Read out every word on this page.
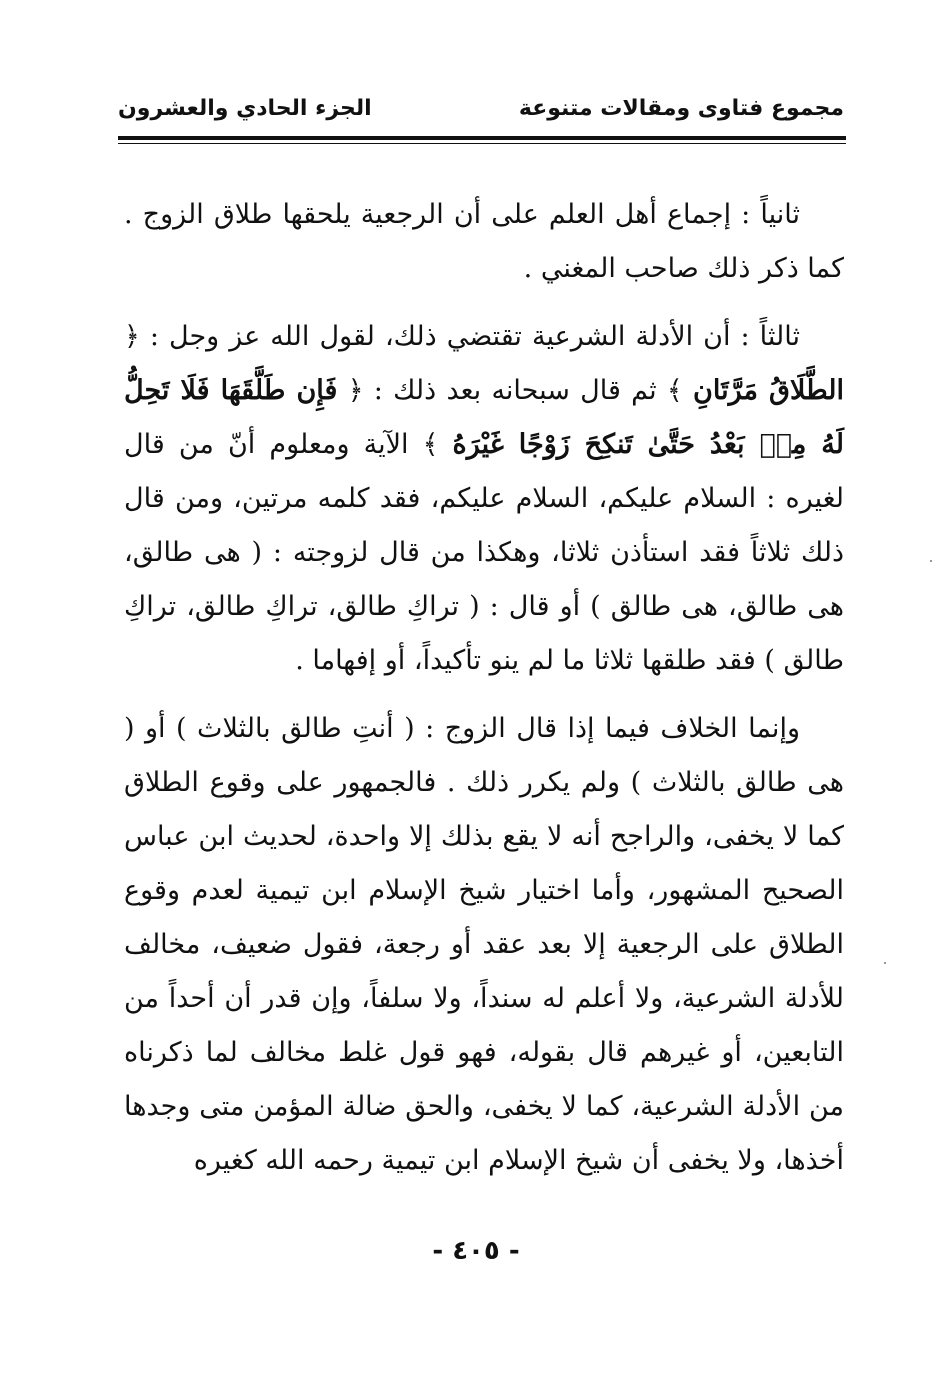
مجموع فتاوى ومقالات متنوعة
الجزء الحادي والعشرون

ثانياً : إجماع أهل العلم على أن الرجعية يلحقها طلاق الزوج . كما ذكر ذلك صاحب المغني .

ثالثاً : أن الأدلة الشرعية تقتضي ذلك، لقول الله عز وجل : ﴿ الطَّلَاقُ مَرَّتَانِ ﴾ ثم قال سبحانه بعد ذلك : ﴿ فَإِن طَلَّقَهَا فَلَا تَحِلُّ لَهُ مِنۢ بَعْدُ حَتَّىٰ تَنكِحَ زَوْجًا غَيْرَهُ ﴾ الآية ومعلوم أنّ من قال لغيره : السلام عليكم، السلام عليكم، فقد كلمه مرتين، ومن قال ذلك ثلاثاً فقد استأذن ثلاثا، وهكذا من قال لزوجته : ( هى طالق، هى طالق، هى طالق ) أو قال : ( تراكِ طالق، تراكِ طالق، تراكِ طالق ) فقد طلقها ثلاثا ما لم ينو تأكيداً، أو إفهاما .

وإنما الخلاف فيما إذا قال الزوج : ( أنتِ طالق بالثلاث ) أو ( هى طالق بالثلاث ) ولم يكرر ذلك . فالجمهور على وقوع الطلاق كما لا يخفى، والراجح أنه لا يقع بذلك إلا واحدة، لحديث ابن عباس الصحيح المشهور، وأما اختيار شيخ الإسلام ابن تيمية لعدم وقوع الطلاق على الرجعية إلا بعد عقد أو رجعة، فقول ضعيف، مخالف للأدلة الشرعية، ولا أعلم له سنداً، ولا سلفاً، وإن قدر أن أحداً من التابعين، أو غيرهم قال بقوله، فهو قول غلط مخالف لما ذكرناه من الأدلة الشرعية، كما لا يخفى، والحق ضالة المؤمن متى وجدها أخذها، ولا يخفى أن شيخ الإسلام ابن تيمية رحمه الله كغيره

- ٤٠٥ -
